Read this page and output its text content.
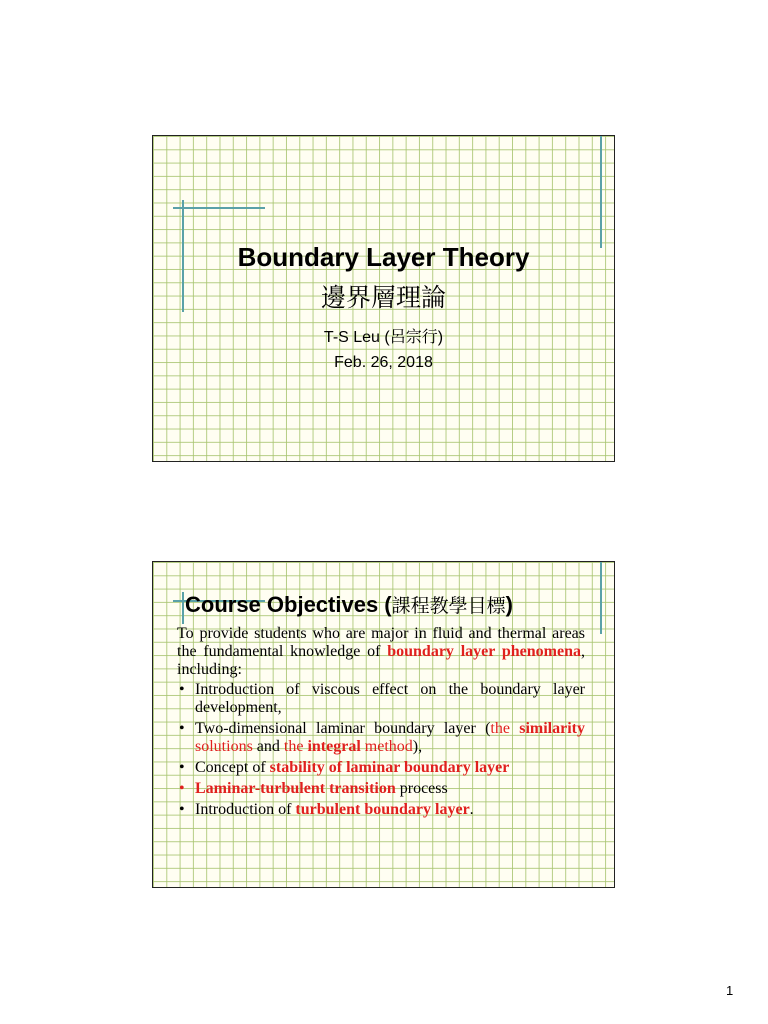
Boundary Layer Theory
邊界層理論
T-S Leu (呂宗行)
Feb. 26, 2018
Course Objectives (課程教學目標)
To provide students who are major in fluid and thermal areas the fundamental knowledge of boundary layer phenomena, including:
• Introduction of viscous effect on the boundary layer development,
• Two-dimensional laminar boundary layer (the similarity solutions and the integral method),
• Concept of stability of laminar boundary layer
• Laminar-turbulent transition process
• Introduction of turbulent boundary layer.
1
